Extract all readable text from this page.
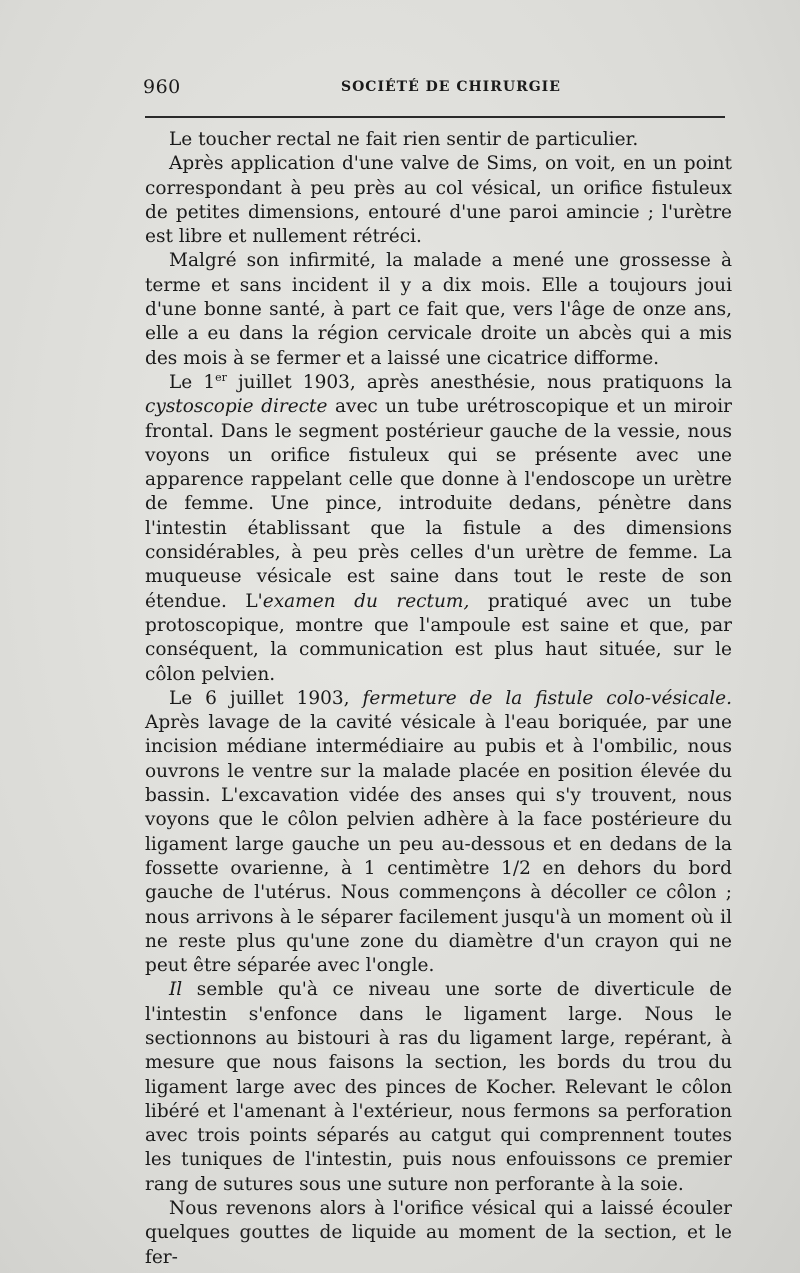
960	SOCIÉTÉ DE CHIRURGIE

Le toucher rectal ne fait rien sentir de particulier.

Après application d'une valve de Sims, on voit, en un point correspondant à peu près au col vésical, un orifice fistuleux de petites dimensions, entouré d'une paroi amincie ; l'urètre est libre et nullement rétréci.

Malgré son infirmité, la malade a mené une grossesse à terme et sans incident il y a dix mois. Elle a toujours joui d'une bonne santé, à part ce fait que, vers l'âge de onze ans, elle a eu dans la région cervicale droite un abcès qui a mis des mois à se fermer et a laissé une cicatrice difforme.

Le 1er juillet 1903, après anesthésie, nous pratiquons la cystoscopie directe avec un tube urétroscopique et un miroir frontal. Dans le segment postérieur gauche de la vessie, nous voyons un orifice fistuleux qui se présente avec une apparence rappelant celle que donne à l'endoscope un urètre de femme. Une pince, introduite dedans, pénètre dans l'intestin établissant que la fistule a des dimensions considérables, à peu près celles d'un urètre de femme. La muqueuse vésicale est saine dans tout le reste de son étendue. L'examen du rectum, pratiqué avec un tube protoscopique, montre que l'ampoule est saine et que, par conséquent, la communication est plus haut située, sur le côlon pelvien.

Le 6 juillet 1903, fermeture de la fistule colo-vésicale. Après lavage de la cavité vésicale à l'eau boriquée, par une incision médiane intermédiaire au pubis et à l'ombilic, nous ouvrons le ventre sur la malade placée en position élevée du bassin. L'excavation vidée des anses qui s'y trouvent, nous voyons que le côlon pelvien adhère à la face postérieure du ligament large gauche un peu au-dessous et en dedans de la fossette ovarienne, à 1 centimètre 1/2 en dehors du bord gauche de l'utérus. Nous commençons à décoller ce côlon ; nous arrivons à le séparer facilement jusqu'à un moment où il ne reste plus qu'une zone du diamètre d'un crayon qui ne peut être séparée avec l'ongle.

Il semble qu'à ce niveau une sorte de diverticule de l'intestin s'enfonce dans le ligament large. Nous le sectionnons au bistouri à ras du ligament large, repérant, à mesure que nous faisons la section, les bords du trou du ligament large avec des pinces de Kocher. Relevant le côlon libéré et l'amenant à l'extérieur, nous fermons sa perforation avec trois points séparés au catgut qui comprennent toutes les tuniques de l'intestin, puis nous enfouissons ce premier rang de sutures sous une suture non perforante à la soie.

Nous revenons alors à l'orifice vésical qui a laissé écouler quelques gouttes de liquide au moment de la section, et le fer-
